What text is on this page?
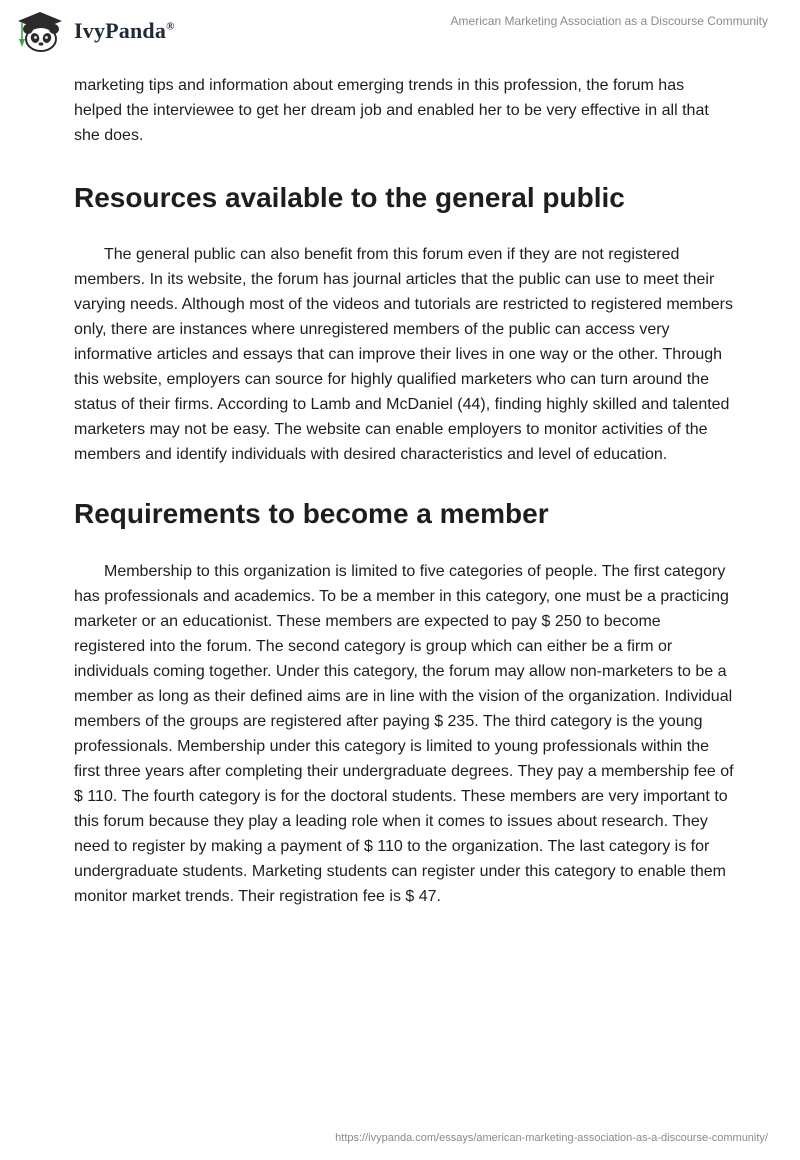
IvyPanda®	American Marketing Association as a Discourse Community

marketing tips and information about emerging trends in this profession, the forum has helped the interviewee to get her dream job and enabled her to be very effective in all that she does.

Resources available to the general public

The general public can also benefit from this forum even if they are not registered members. In its website, the forum has journal articles that the public can use to meet their varying needs. Although most of the videos and tutorials are restricted to registered members only, there are instances where unregistered members of the public can access very informative articles and essays that can improve their lives in one way or the other. Through this website, employers can source for highly qualified marketers who can turn around the status of their firms. According to Lamb and McDaniel (44), finding highly skilled and talented marketers may not be easy. The website can enable employers to monitor activities of the members and identify individuals with desired characteristics and level of education.

Requirements to become a member

Membership to this organization is limited to five categories of people. The first category has professionals and academics. To be a member in this category, one must be a practicing marketer or an educationist. These members are expected to pay $ 250 to become registered into the forum. The second category is group which can either be a firm or individuals coming together. Under this category, the forum may allow non-marketers to be a member as long as their defined aims are in line with the vision of the organization. Individual members of the groups are registered after paying $ 235. The third category is the young professionals. Membership under this category is limited to young professionals within the first three years after completing their undergraduate degrees. They pay a membership fee of $ 110. The fourth category is for the doctoral students. These members are very important to this forum because they play a leading role when it comes to issues about research. They need to register by making a payment of $ 110 to the organization. The last category is for undergraduate students. Marketing students can register under this category to enable them monitor market trends. Their registration fee is $ 47.

https://ivypanda.com/essays/american-marketing-association-as-a-discourse-community/
